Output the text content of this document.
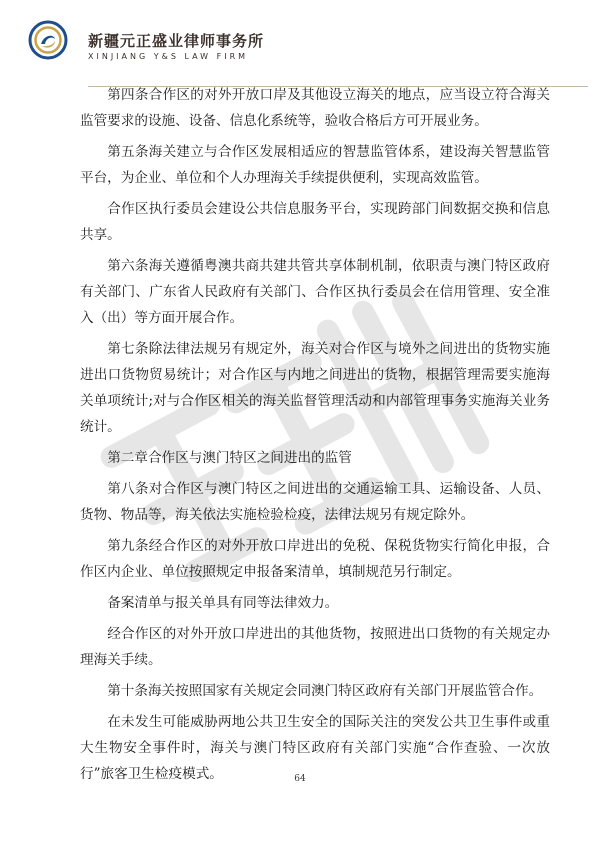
新疆元正盛业律师事务所
XINJIANG Y&S LAW FIRM

第四条合作区的对外开放口岸及其他设立海关的地点，应当设立符合海关监管要求的设施、设备、信息化系统等，验收合格后方可开展业务。

第五条海关建立与合作区发展相适应的智慧监管体系，建设海关智慧监管平台，为企业、单位和个人办理海关手续提供便利，实现高效监管。

合作区执行委员会建设公共信息服务平台，实现跨部门间数据交换和信息共享。

第六条海关遵循粤澳共商共建共管共享体制机制，依职责与澳门特区政府有关部门、广东省人民政府有关部门、合作区执行委员会在信用管理、安全准入（出）等方面开展合作。

第七条除法律法规另有规定外，海关对合作区与境外之间进出的货物实施进出口货物贸易统计；对合作区与内地之间进出的货物，根据管理需要实施海关单项统计;对与合作区相关的海关监督管理活动和内部管理事务实施海关业务统计。

第二章合作区与澳门特区之间进出的监管

第八条对合作区与澳门特区之间进出的交通运输工具、运输设备、人员、货物、物品等，海关依法实施检验检疫，法律法规另有规定除外。

第九条经合作区的对外开放口岸进出的免税、保税货物实行简化申报，合作区内企业、单位按照规定申报备案清单，填制规范另行制定。

备案清单与报关单具有同等法律效力。

经合作区的对外开放口岸进出的其他货物，按照进出口货物的有关规定办理海关手续。

第十条海关按照国家有关规定会同澳门特区政府有关部门开展监管合作。

在未发生可能威胁两地公共卫生安全的国际关注的突发公共卫生事件或重大生物安全事件时，海关与澳门特区政府有关部门实施“合作查验、一次放行”旅客卫生检疫模式。	64
